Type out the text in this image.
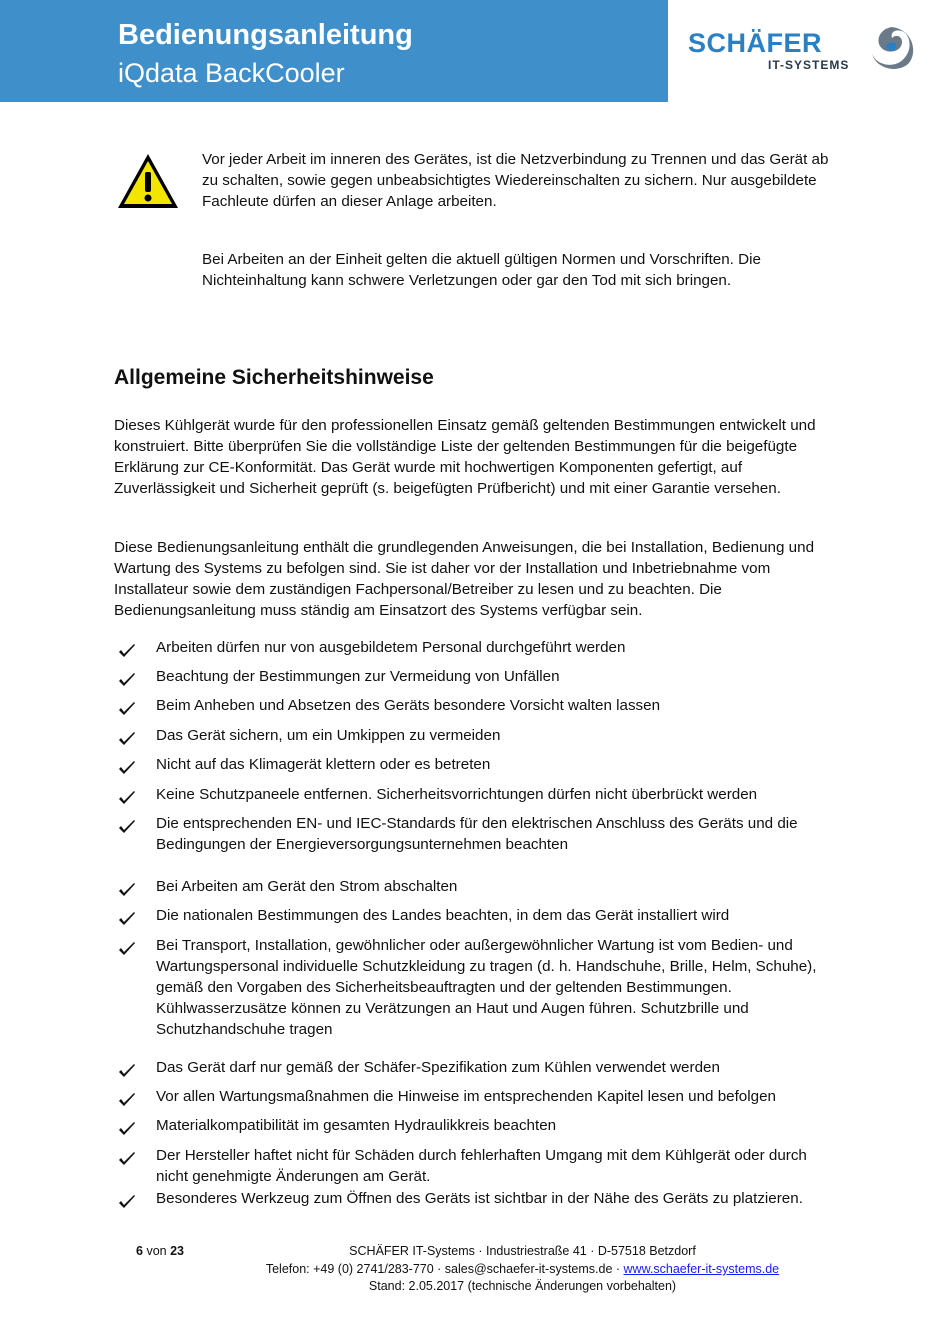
Bedienungsanleitung
iQdata BackCooler
SCHÄFER
IT-SYSTEMS
Vor jeder Arbeit im inneren des Gerätes, ist die Netzverbindung zu Trennen und das Gerät ab zu schalten, sowie gegen unbeabsichtigtes Wiedereinschalten zu sichern. Nur ausgebildete Fachleute dürfen an dieser Anlage arbeiten.
Bei Arbeiten an der Einheit gelten die aktuell gültigen Normen und Vorschriften. Die Nichteinhaltung kann schwere Verletzungen oder gar den Tod mit sich bringen.
Allgemeine Sicherheitshinweise
Dieses Kühlgerät wurde für den professionellen Einsatz gemäß geltenden Bestimmungen entwickelt und konstruiert. Bitte überprüfen Sie die vollständige Liste der geltenden Bestimmungen für die beigefügte Erklärung zur CE-Konformität. Das Gerät wurde mit hochwertigen Komponenten gefertigt, auf Zuverlässigkeit und Sicherheit geprüft (s. beigefügten Prüfbericht) und mit einer Garantie versehen.
Diese Bedienungsanleitung enthält die grundlegenden Anweisungen, die bei Installation, Bedienung und Wartung des Systems zu befolgen sind. Sie ist daher vor der Installation und Inbetriebnahme vom Installateur sowie dem zuständigen Fachpersonal/Betreiber zu lesen und zu beachten. Die Bedienungsanleitung muss ständig am Einsatzort des Systems verfügbar sein.
Arbeiten dürfen nur von ausgebildetem Personal durchgeführt werden
Beachtung der Bestimmungen zur Vermeidung von Unfällen
Beim Anheben und Absetzen des Geräts besondere Vorsicht walten lassen
Das Gerät sichern, um ein Umkippen zu vermeiden
Nicht auf das Klimagerät klettern oder es betreten
Keine Schutzpaneele entfernen. Sicherheitsvorrichtungen dürfen nicht überbrückt werden
Die entsprechenden EN- und IEC-Standards für den elektrischen Anschluss des Geräts und die Bedingungen der Energieversorgungsunternehmen beachten
Bei Arbeiten am Gerät den Strom abschalten
Die nationalen Bestimmungen des Landes beachten, in dem das Gerät installiert wird
Bei Transport, Installation, gewöhnlicher oder außergewöhnlicher Wartung ist vom Bedien- und Wartungspersonal individuelle Schutzkleidung zu tragen (d. h. Handschuhe, Brille, Helm, Schuhe), gemäß den Vorgaben des Sicherheitsbeauftragten und der geltenden Bestimmungen. Kühlwasserzusätze können zu Verätzungen an Haut und Augen führen. Schutzbrille und Schutzhandschuhe tragen
Das Gerät darf nur gemäß der Schäfer-Spezifikation zum Kühlen verwendet werden
Vor allen Wartungsmaßnahmen die Hinweise im entsprechenden Kapitel lesen und befolgen
Materialkompatibilität im gesamten Hydraulikkreis beachten
Der Hersteller haftet nicht für Schäden durch fehlerhaften Umgang mit dem Kühlgerät oder durch nicht genehmigte Änderungen am Gerät.
Besonderes Werkzeug zum Öffnen des Geräts ist sichtbar in der Nähe des Geräts zu platzieren.
6 von 23	SCHÄFER IT-Systems · Industriestraße 41 · D-57518 Betzdorf
Telefon: +49 (0) 2741/283-770 · sales@schaefer-it-systems.de · www.schaefer-it-systems.de
Stand: 2.05.2017 (technische Änderungen vorbehalten)
